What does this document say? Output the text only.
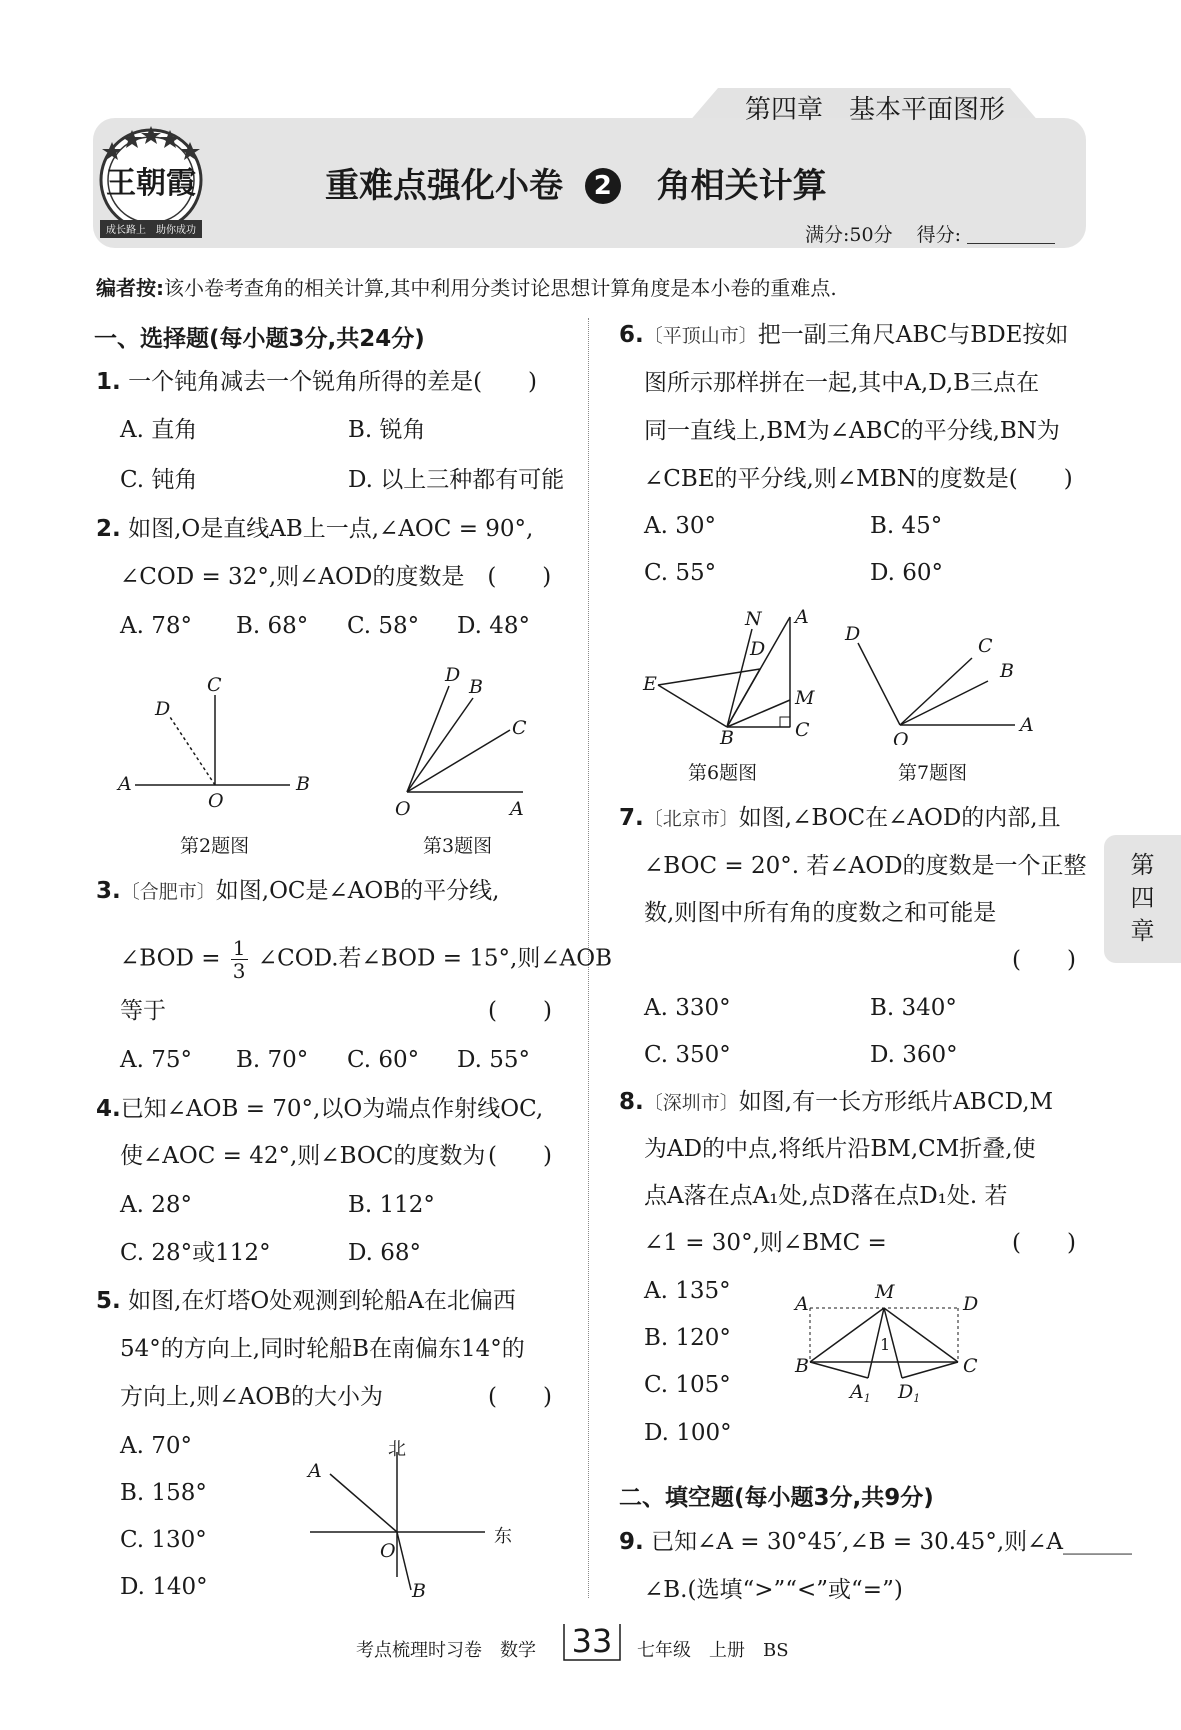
第四章　基本平面图形
王朝霞
成长路上　助你成功
重难点强化小卷 2 角相关计算
满分:50分 得分:
编者按:该小卷考查角的相关计算,其中利用分类讨论思想计算角度是本小卷的重难点.
一、选择题(每小题3分,共24分)
1. 一个钝角减去一个锐角所得的差是(　　)
A. 直角	B. 锐角
C. 钝角	D. 以上三种都有可能
2. 如图,O是直线AB上一点,∠AOC = 90°,
∠COD = 32°,则∠AOD的度数是　(　　)
A. 78° B. 68° C. 58° D. 48°
A	B
O
C
D
第2题图
O	A
D
B
C
第3题图
3.〔合肥市〕如图,OC是∠AOB的平分线,
∠BOD = $\frac{1}{3}$ ∠COD.若∠BOD = 15°,则∠AOB
等于	(　　)
A. 75° B. 70° C. 60° D. 55°
4.已知∠AOB = 70°,以O为端点作射线OC,
使∠AOC = 42°,则∠BOC的度数为 (　　)
A. 28°	B. 112°
C. 28°或112°	D. 68°
5. 如图,在灯塔O处观测到轮船A在北偏西
54°的方向上,同时轮船B在南偏东14°的
方向上,则∠AOB的大小为	(　　)
A. 70°
B. 158°
C. 130°
D. 140°
O
A
B
北
东
6.〔平顶山市〕把一副三角尺ABC与BDE按如
图所示那样拼在一起,其中A,D,B三点在
同一直线上,BM为∠ABC的平分线,BN为
∠CBE的平分线,则∠MBN的度数是(　　)
A. 30°	B. 45°
C. 55°	D. 60°
N A
D
E
M
B	C
第6题图
D
C
B
O
A
第7题图
7.〔北京市〕如图,∠BOC在∠AOD的内部,且
∠BOC = 20°. 若∠AOD的度数是一个正整
数,则图中所有角的度数之和可能是
(　　)
A. 330°	B. 340°
C. 350°	D. 360°
8.〔深圳市〕如图,有一长方形纸片ABCD,M
为AD的中点,将纸片沿BM,CM折叠,使
点A落在点A₁处,点D落在点D₁处. 若
∠1 = 30°,则∠BMC =	(　　)
A. 135°
B. 120°
C. 105°
D. 100°
M
A	D
B	C
1
$A_1$ $D_1$
二、填空题(每小题3分,共9分)
9. 已知∠A = 30°45′,∠B = 30.45°,则∠A______
∠B.(选填“>”“<”或“=”)
第
四
章
考点梳理时习卷　数学 33 七年级　上册　BS
